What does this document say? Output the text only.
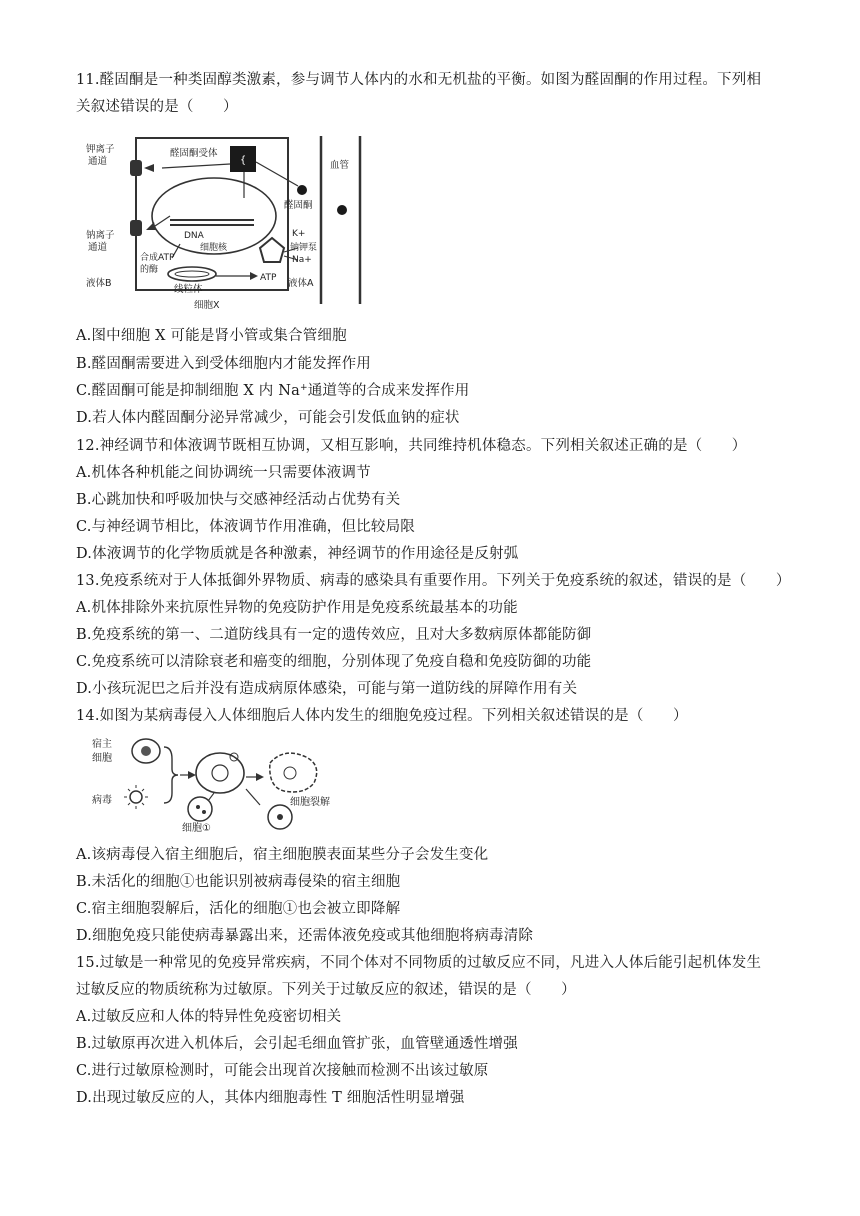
11.醛固酮是一种类固醇类激素，参与调节人体内的水和无机盐的平衡。如图为醛固酮的作用过程。下列相
关叙述错误的是（　　）
{
钾离子
通道
醛固酮受体
钠离子
通道
DNA
细胞核
合成ATP
的酶
线粒体
ATP
K+
钠钾泵
Na+
醛固酮
血管
液体B	液体A
细胞X
A.图中细胞 X 可能是肾小管或集合管细胞
B.醛固酮需要进入到受体细胞内才能发挥作用
C.醛固酮可能是抑制细胞 X 内 Na+通道等的合成来发挥作用
D.若人体内醛固酮分泌异常减少，可能会引发低血钠的症状
12.神经调节和体液调节既相互协调，又相互影响，共同维持机体稳态。下列相关叙述正确的是（　　）
A.机体各种机能之间协调统一只需要体液调节
B.心跳加快和呼吸加快与交感神经活动占优势有关
C.与神经调节相比，体液调节作用准确，但比较局限
D.体液调节的化学物质就是各种激素，神经调节的作用途径是反射弧
13.免疫系统对于人体抵御外界物质、病毒的感染具有重要作用。下列关于免疫系统的叙述，错误的是（　　）
A.机体排除外来抗原性异物的免疫防护作用是免疫系统最基本的功能
B.免疫系统的第一、二道防线具有一定的遗传效应，且对大多数病原体都能防御
C.免疫系统可以清除衰老和癌变的细胞，分别体现了免疫自稳和免疫防御的功能
D.小孩玩泥巴之后并没有造成病原体感染，可能与第一道防线的屏障作用有关
14.如图为某病毒侵入人体细胞后人体内发生的细胞免疫过程。下列相关叙述错误的是（　　）
宿主
细胞
病毒
细胞①
细胞裂解
A.该病毒侵入宿主细胞后，宿主细胞膜表面某些分子会发生变化
B.未活化的细胞①也能识别被病毒侵染的宿主细胞
C.宿主细胞裂解后，活化的细胞①也会被立即降解
D.细胞免疫只能使病毒暴露出来，还需体液免疫或其他细胞将病毒清除
15.过敏是一种常见的免疫异常疾病，不同个体对不同物质的过敏反应不同，凡进入人体后能引起机体发生
过敏反应的物质统称为过敏原。下列关于过敏反应的叙述，错误的是（　　）
A.过敏反应和人体的特异性免疫密切相关
B.过敏原再次进入机体后，会引起毛细血管扩张，血管壁通透性增强
C.进行过敏原检测时，可能会出现首次接触而检测不出该过敏原
D.出现过敏反应的人，其体内细胞毒性 T 细胞活性明显增强
